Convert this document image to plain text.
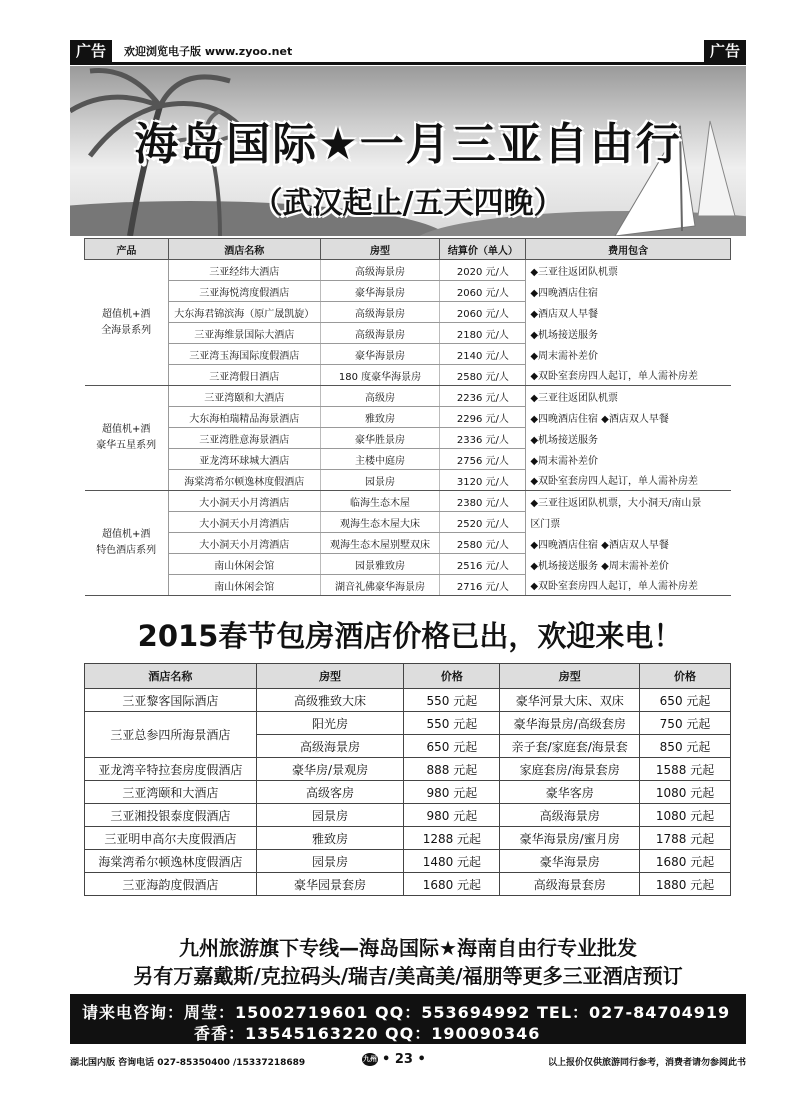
广告	欢迎浏览电子版 www.zyoo.net	广告
海岛国际★一月三亚自由行
（武汉起止/五天四晚）
产品	酒店名称	房型	结算价（单人）	费用包含

超值机+酒
全海景系列	三亚经纬大酒店	高级海景房	2020 元/人	◆三亚往返团队机票
	三亚海悦湾度假酒店	豪华海景房	2060 元/人	◆四晚酒店住宿
	大东海君锦滨海（原广晟凯旋）	高级海景房	2060 元/人	◆酒店双人早餐
	三亚海维景国际大酒店	高级海景房	2180 元/人	◆机场接送服务
	三亚湾玉海国际度假酒店	豪华海景房	2140 元/人	◆周末需补差价
	三亚湾假日酒店	180 度豪华海景房	2580 元/人	◆双卧室套房四人起订，单人需补房差

超值机+酒
豪华五星系列	三亚湾颐和大酒店	高级房	2236 元/人	◆三亚往返团队机票
	大东海柏瑞精品海景酒店	雅致房	2296 元/人	◆四晚酒店住宿 ◆酒店双人早餐
	三亚湾胜意海景酒店	豪华胜景房	2336 元/人	◆机场接送服务
	亚龙湾环球城大酒店	主楼中庭房	2756 元/人	◆周末需补差价
	海棠湾希尔顿逸林度假酒店	园景房	3120 元/人	◆双卧室套房四人起订，单人需补房差

超值机+酒
特色酒店系列	大小洞天小月湾酒店	临海生态木屋	2380 元/人	◆三亚往返团队机票，大小洞天/南山景
	大小洞天小月湾酒店	观海生态木屋大床	2520 元/人	区门票
	大小洞天小月湾酒店	观海生态木屋别墅双床	2580 元/人	◆四晚酒店住宿 ◆酒店双人早餐
	南山休闲会馆	园景雅致房	2516 元/人	◆机场接送服务 ◆周末需补差价
	南山休闲会馆	湖音礼佛豪华海景房	2716 元/人	◆双卧室套房四人起订，单人需补房差
2015春节包房酒店价格已出，欢迎来电！
酒店名称	房型	价格	房型	价格
三亚黎客国际酒店	高级雅致大床	550 元起	豪华河景大床、双床	650 元起
三亚总参四所海景酒店	阳光房	550 元起	豪华海景房/高级套房	750 元起
	高级海景房	650 元起	亲子套/家庭套/海景套	850 元起
亚龙湾辛特拉套房度假酒店	豪华房/景观房	888 元起	家庭套房/海景套房	1588 元起
三亚湾颐和大酒店	高级客房	980 元起	豪华客房	1080 元起
三亚湘投银泰度假酒店	园景房	980 元起	高级海景房	1080 元起
三亚明申高尔夫度假酒店	雅致房	1288 元起	豪华海景房/蜜月房	1788 元起
海棠湾希尔顿逸林度假酒店	园景房	1480 元起	豪华海景房	1680 元起
三亚海韵度假酒店	豪华园景套房	1680 元起	高级海景套房	1880 元起
九州旅游旗下专线—海岛国际★海南自由行专业批发
另有万嘉戴斯/克拉码头/瑞吉/美高美/福朋等更多三亚酒店预订
请来电咨询：周莹：15002719601 QQ：553694992 TEL：027-84704919
香香：13545163220 QQ：190090346
湖北国内版 咨询电话 027-85350400 /15337218689	九州 • 23 •	以上报价仅供旅游同行参考，消费者请勿参阅此书
